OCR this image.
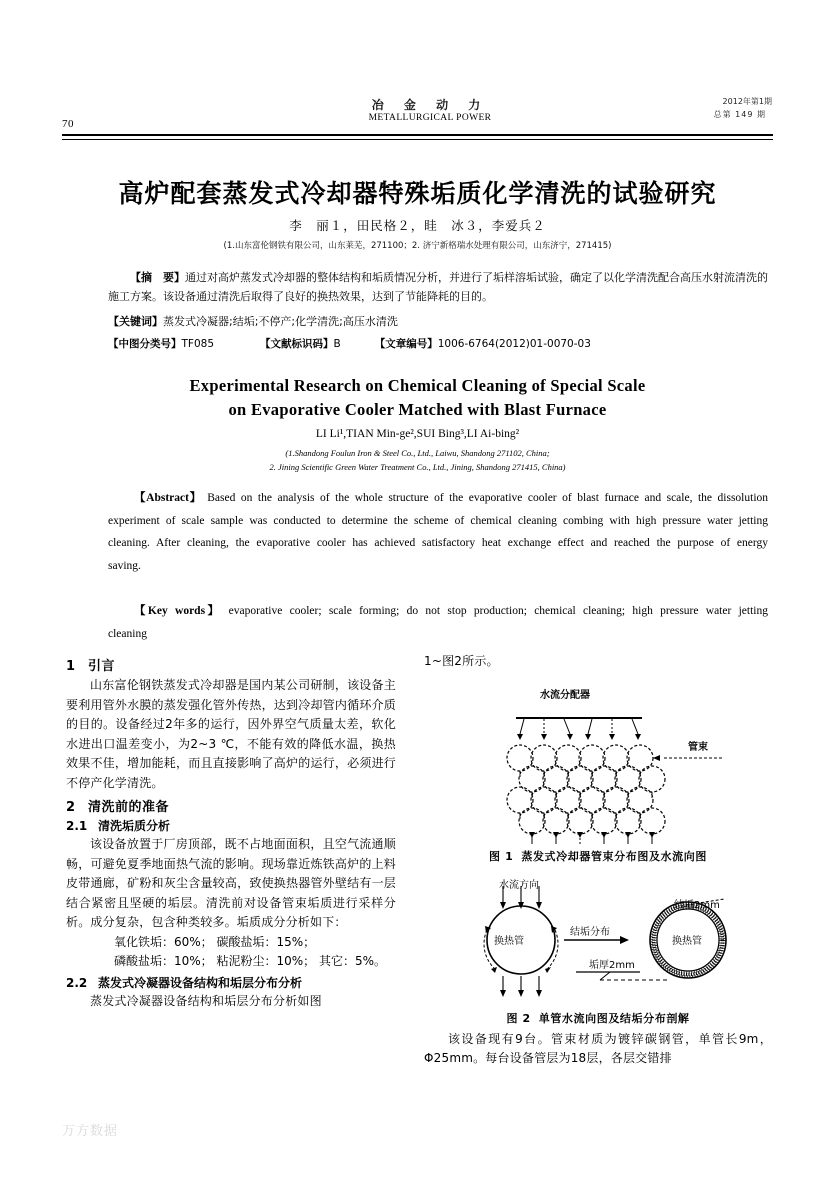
70
冶 金 动 力
METALLURGICAL POWER
2012年第1期
总第 149 期
高炉配套蒸发式冷却器特殊垢质化学清洗的试验研究
李　丽１，田民格２，眭　冰３，李爱兵２
(1.山东富伦钢铁有限公司，山东莱芜，271100；2. 济宁新格瑞水处理有限公司，山东济宁，271415)
【摘　要】通过对高炉蒸发式冷却器的整体结构和垢质情况分析，并进行了垢样溶垢试验，确定了以化学清洗配合高压水射流清洗的施工方案。该设备通过清洗后取得了良好的换热效果，达到了节能降耗的目的。
【关键词】蒸发式冷凝器;结垢;不停产;化学清洗;高压水清洗
【中图分类号】TF085	【文献标识码】B	【文章编号】1006-6764(2012)01-0070-03
Experimental Research on Chemical Cleaning of Special Scale
on Evaporative Cooler Matched with Blast Furnace
LI Li¹,TIAN Min-ge²,SUI Bing³,LI Ai-bing²
(1.Shandong Foulun Iron & Steel Co., Ltd., Laiwu, Shandong 271102, China;
2. Jining Scientific Green Water Treatment Co., Ltd., Jining, Shandong 271415, China)
【Abstract】 Based on the analysis of the whole structure of the evaporative cooler of blast furnace and scale, the dissolution experiment of scale sample was conducted to determine the scheme of chemical cleaning combing with high pressure water jetting cleaning. After cleaning, the evaporative cooler has achieved satisfactory heat exchange effect and reached the purpose of energy saving.
【Key words】 evaporative cooler; scale forming; do not stop production; chemical cleaning; high pressure water jetting cleaning
1 引言

山东富伦钢铁蒸发式冷却器是国内某公司研制，该设备主要利用管外水膜的蒸发强化管外传热，达到冷却管内循环介质的目的。设备经过2年多的运行，因外界空气质量太差，软化水进出口温差变小，为2~3 ℃，不能有效的降低水温，换热效果不佳，增加能耗，而且直接影响了高炉的运行，必须进行不停产化学清洗。

2 清洗前的准备
2.1 清洗垢质分析

该设备放置于厂房顶部，既不占地面面积，且空气流通顺畅，可避免夏季地面热气流的影响。现场靠近炼铁高炉的上料皮带通廊，矿粉和灰尘含量较高，致使换热器管外壁结有一层结合紧密且坚硬的垢层。清洗前对设备管束垢质进行采样分析。成分复杂，包含种类较多。垢质成分分析如下：

氧化铁垢：60%； 碳酸盐垢：15%；

磷酸盐垢：10%； 粘泥粉尘：10%； 其它：5%。

2.2 蒸发式冷凝器设备结构和垢层分布分析

蒸发式冷凝器设备结构和垢层分布分析如图

1~图2所示。

水流分配器
管束
图 1 蒸发式冷却器管束分布图及水流向图
水流方向
换热管	换热管
结垢分布
结垢2mm
垢厚2mm
图 2 单管水流向图及结垢分布剖解

该设备现有9台。管束材质为镀锌碳钢管，单管长9m，Φ25mm。每台设备管层为18层，各层交错排

万方数据
